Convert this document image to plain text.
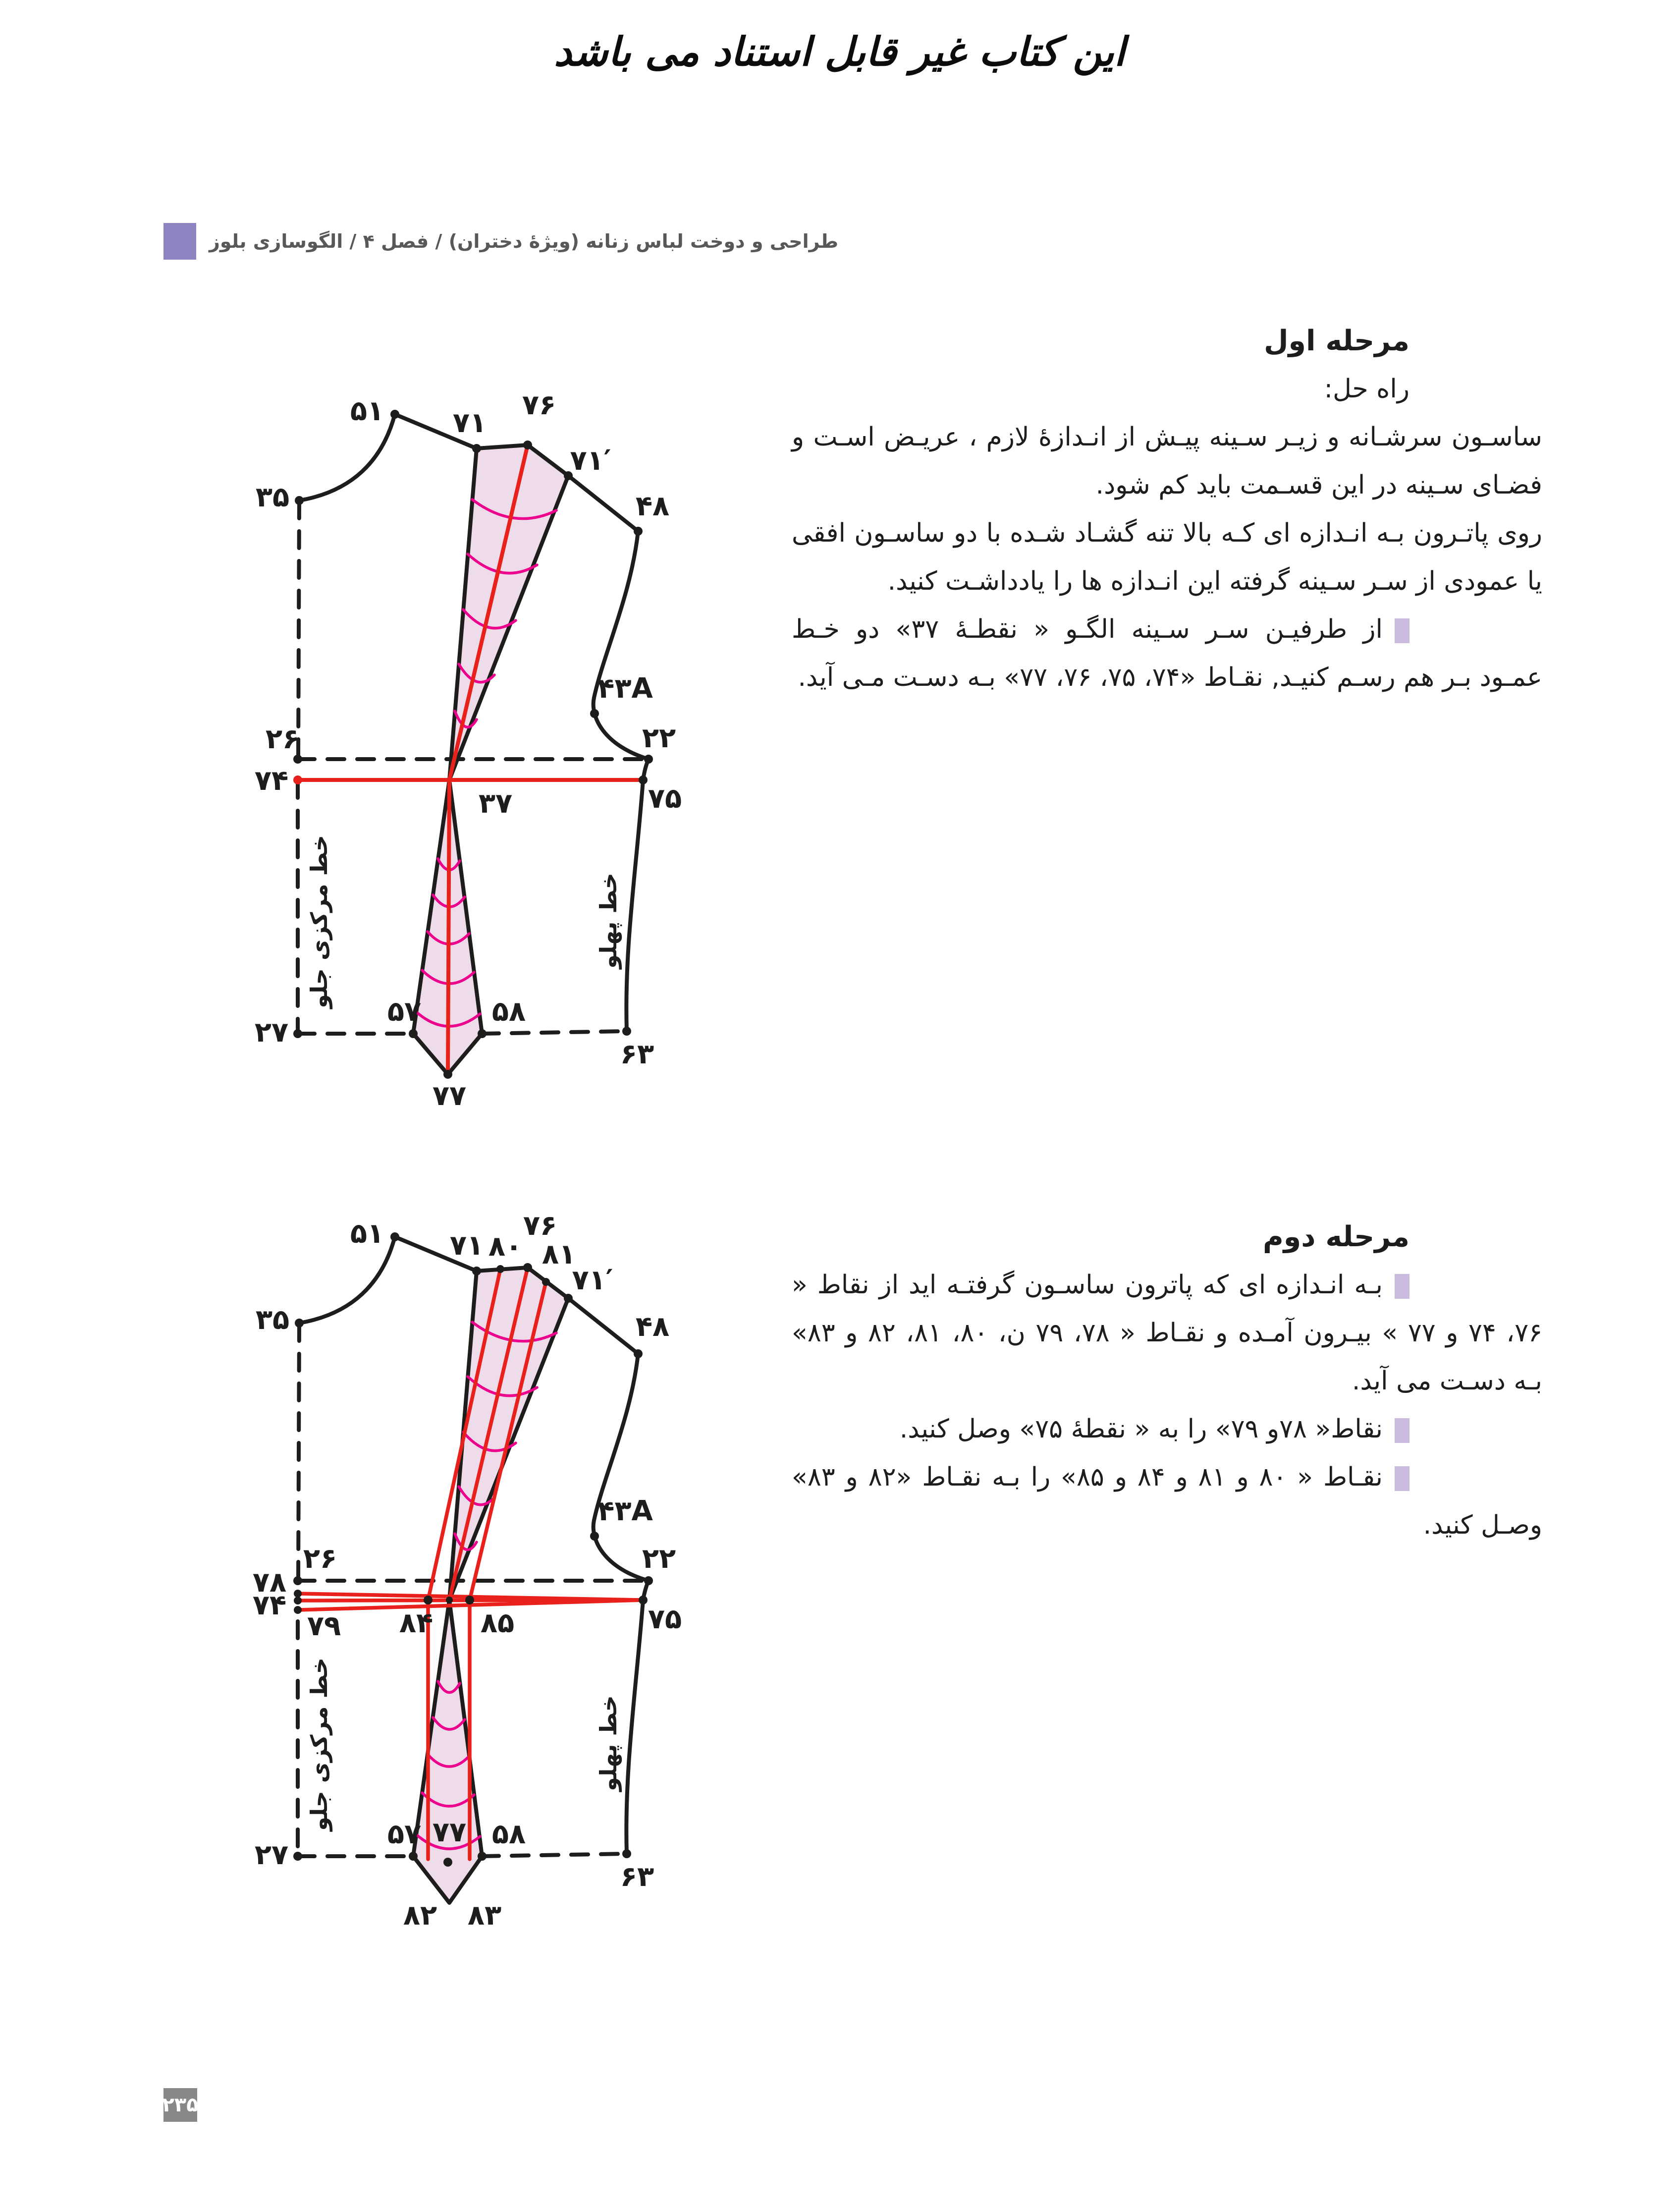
این کتاب غیر قابل استناد می باشد
طراحی و دوخت لباس زنانه (ویژهٔ دختران) / فصل ۴ / الگوسازی بلوز

مرحله اول

راه حل:

ساسـون سرشـانه و زیـر سـینه پیـش از انـدازهٔ لازم ، عریـض اسـت و فضـای سـینه در این قسـمت باید کم شود.

روی پاتـرون بـه انـدازه ای کـه بالا تنه گشـاد شـده با دو ساسـون افقی یا عمودی از سـر سـینه گرفته این انـدازه ها را یادداشـت کنید.

از طرفیـن سـر سـینه الگـو « نقطـهٔ ۳۷» دو خـط عمـود بـر هم رسـم کنیـد, نقـاط «۷۴، ۷۵، ۷۶، ۷۷» بـه دسـت مـی آید.

مرحله دوم

بـه انـدازه ای که پاترون ساسـون گرفتـه اید از نقاط « ۷۶، ۷۴ و ۷۷ » بیـرون آمـده و نقـاط « ۷۸، ۷۹ ن، ۸۰، ۸۱، ۸۲ و ۸۳» بـه دسـت می آید.

نقاط« ۷۸و ۷۹» را به « نقطهٔ ۷۵» وصل کنید.

نقـاط « ۸۰ و ۸۱ و ۸۴ و ۸۵» را بـه نقـاط «۸۲ و ۸۳» وصـل کنید.

۵۱
۳۵
۷۱
۷۶
۷۱′
۴۸
۴۳A
۲۶
۷۴
۲۲
۷۵
۳۷
۲۷
۵۷	۵۸
۶۳
۷۷
خط مرکزی جلو	خط پهلو
۵۱
۳۵
۷۱ ۸۰
۷۶
۸۱
۷۱′
۴۸
۴۳A
۲۶
۷۸
۷۴
۷۹ ۸۴ ۸۵	۷۵
۲۲
۲۷
۵۷	۵۸
۶۳
۷۷
۸۲ ۸۳
خط مرکزی جلو	خط پهلو
۲۳۵
